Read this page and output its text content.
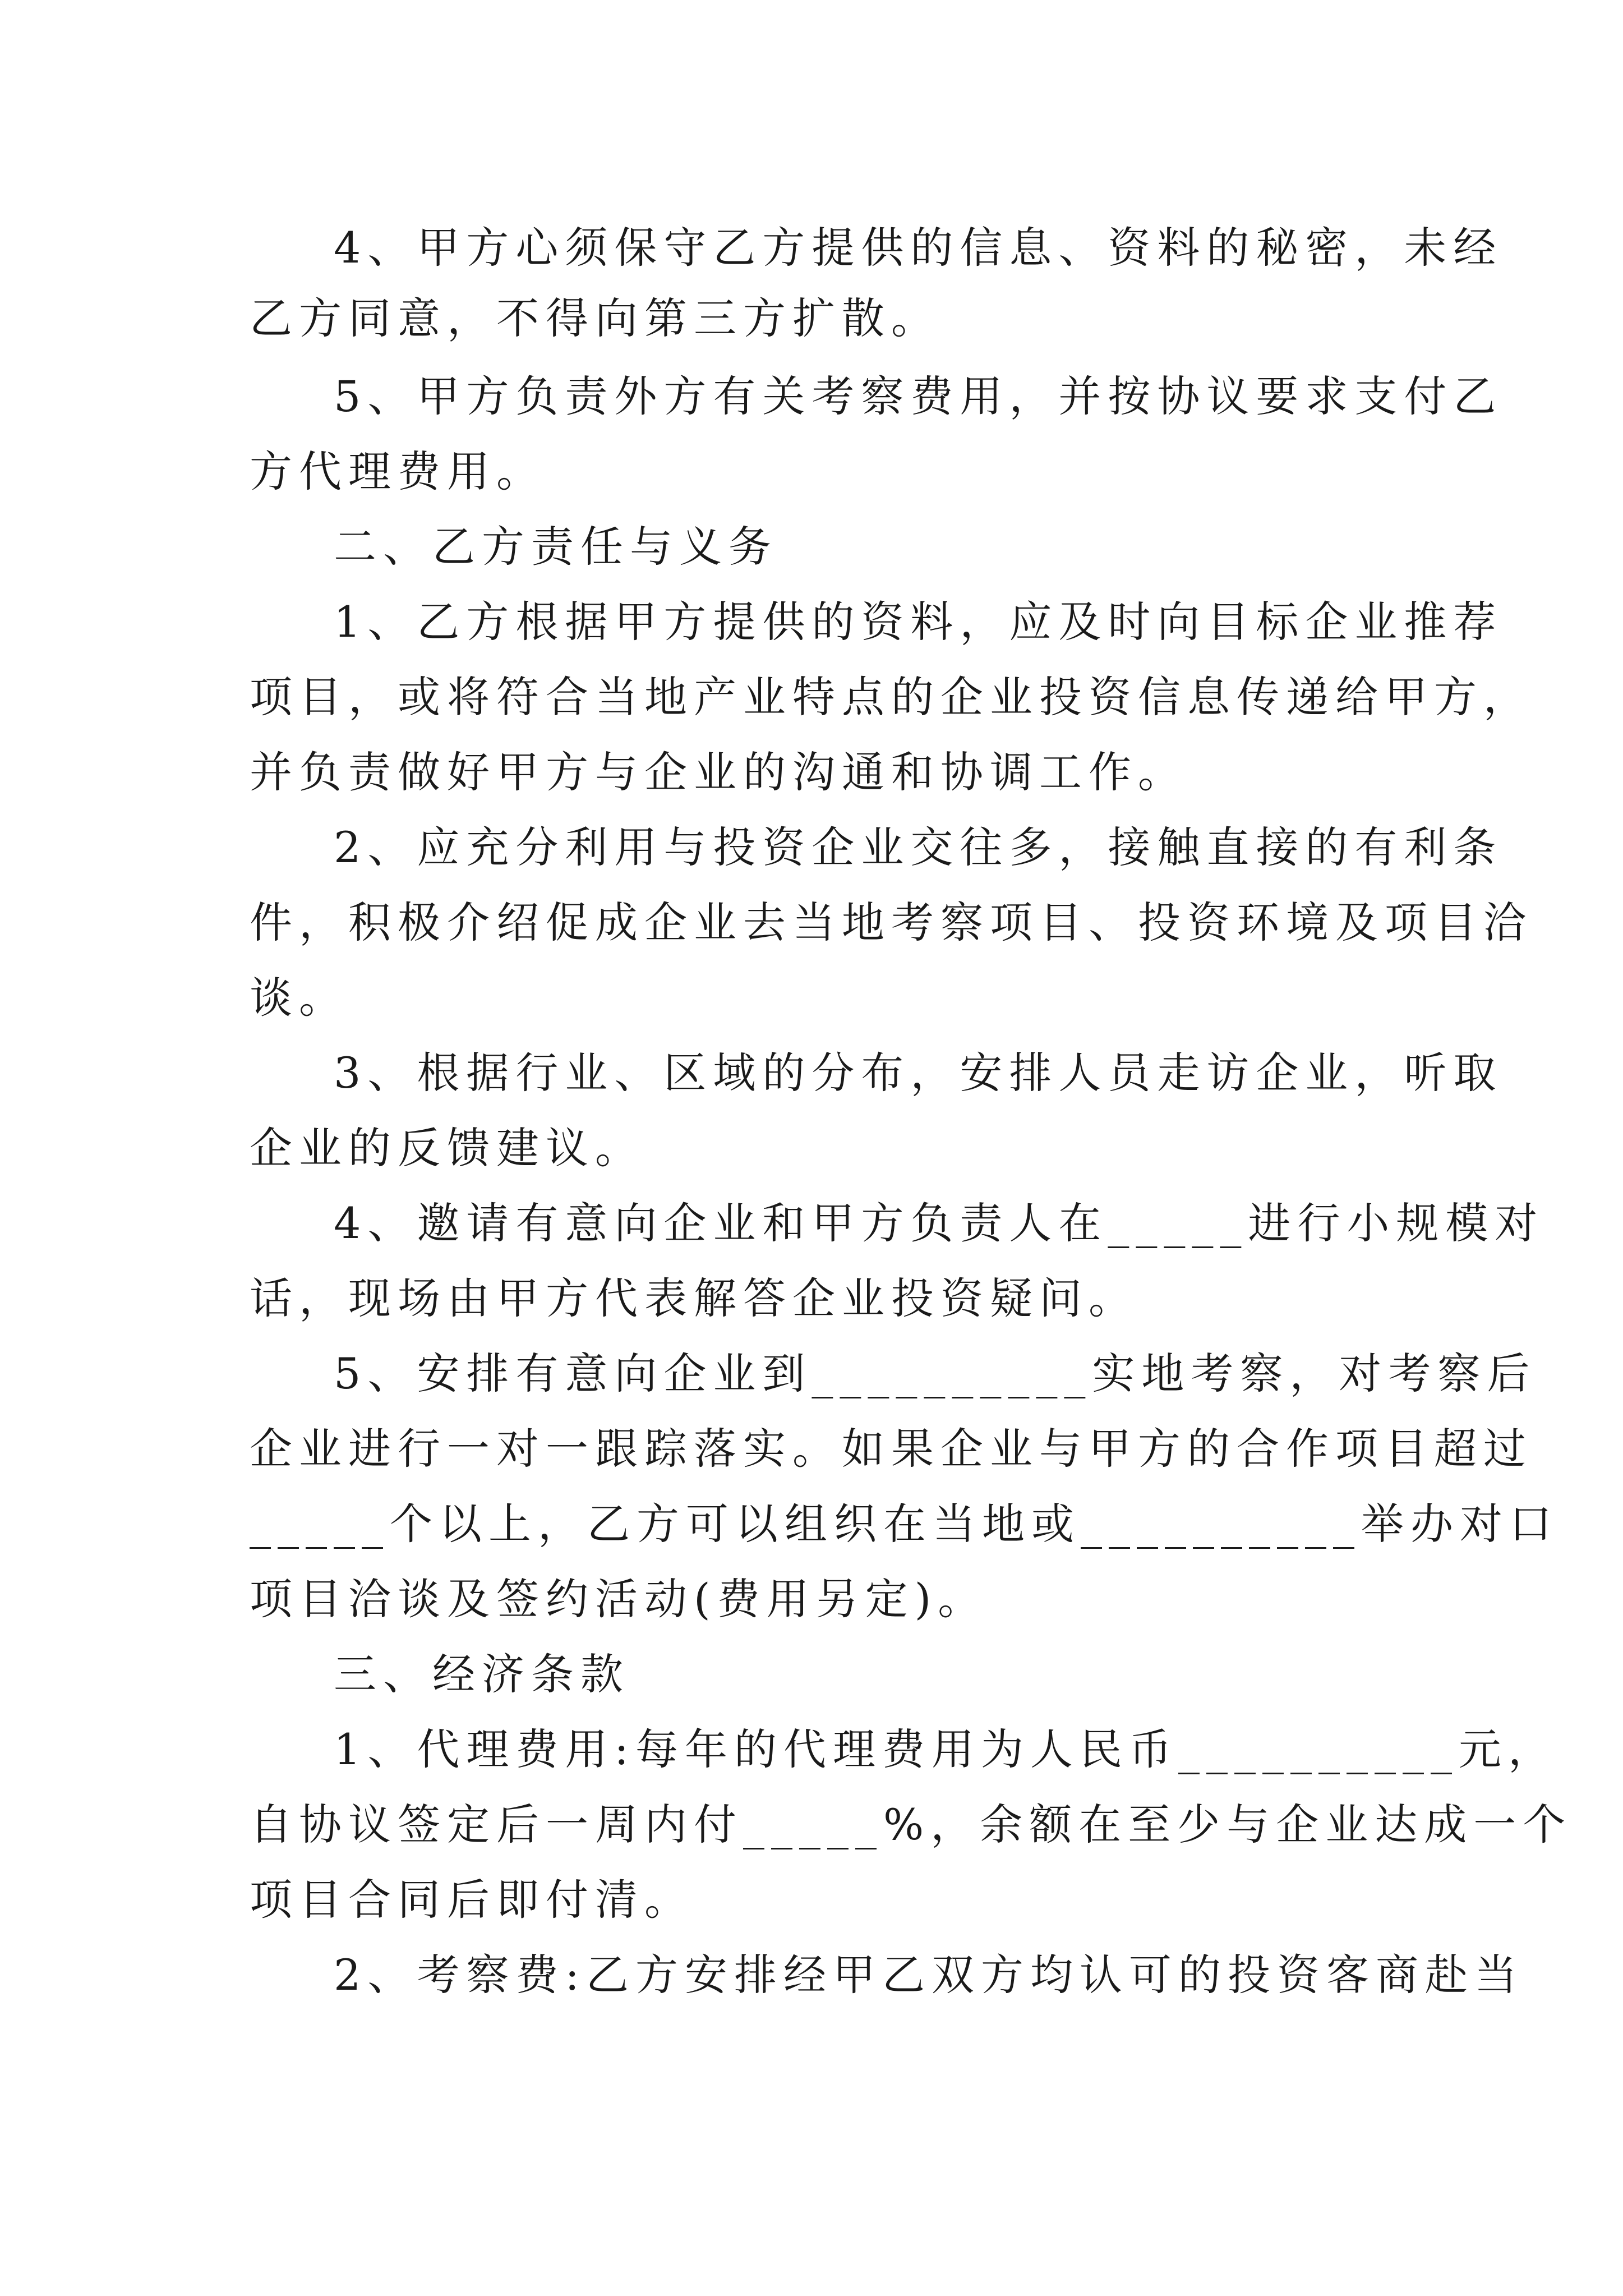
4、甲方心须保守乙方提供的信息、资料的秘密，未经
乙方同意，不得向第三方扩散。
5、甲方负责外方有关考察费用，并按协议要求支付乙
方代理费用。
二、乙方责任与义务
1、乙方根据甲方提供的资料，应及时向目标企业推荐
项目，或将符合当地产业特点的企业投资信息传递给甲方，
并负责做好甲方与企业的沟通和协调工作。
2、应充分利用与投资企业交往多，接触直接的有利条
件，积极介绍促成企业去当地考察项目、投资环境及项目洽
谈。
3、根据行业、区域的分布，安排人员走访企业，听取
企业的反馈建议。
4、邀请有意向企业和甲方负责人在_____进行小规模对
话，现场由甲方代表解答企业投资疑问。
5、安排有意向企业到__________实地考察，对考察后
企业进行一对一跟踪落实。如果企业与甲方的合作项目超过
_____个以上，乙方可以组织在当地或__________举办对口
项目洽谈及签约活动(费用另定)。
三、经济条款
1、代理费用:每年的代理费用为人民币__________元，
自协议签定后一周内付_____%，余额在至少与企业达成一个
项目合同后即付清。
2、考察费:乙方安排经甲乙双方均认可的投资客商赴当
